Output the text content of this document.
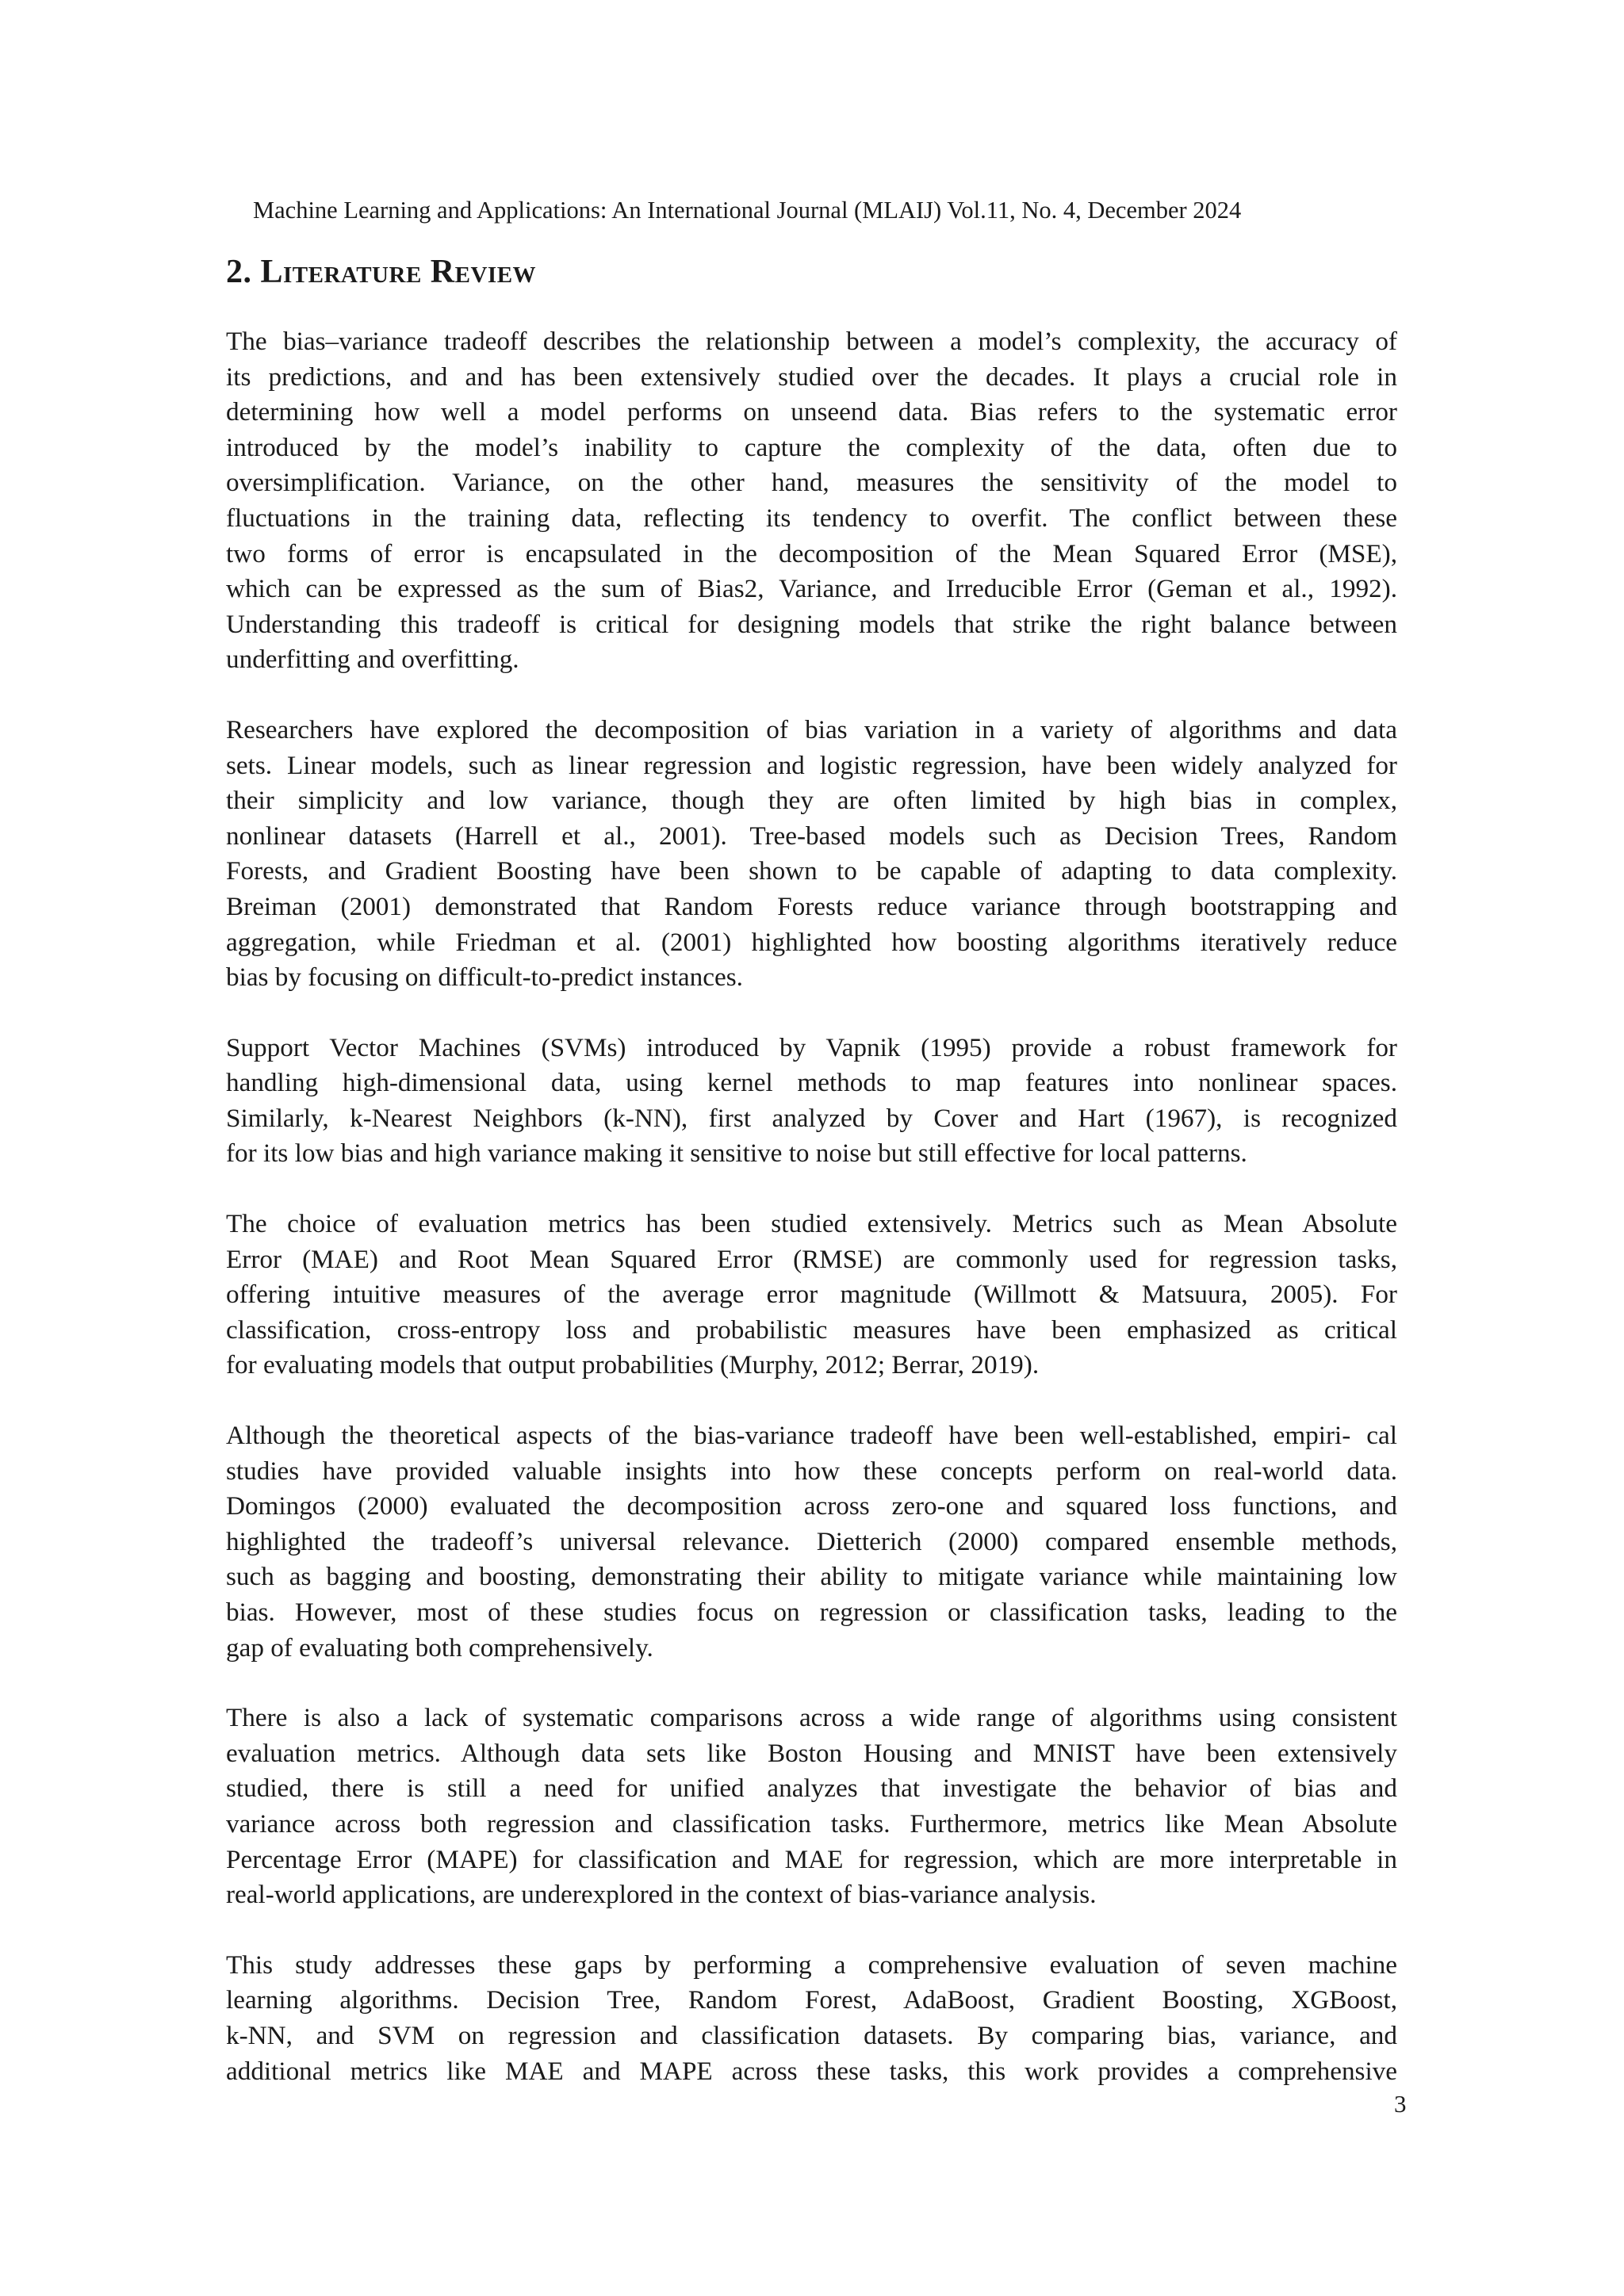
Machine Learning and Applications: An International Journal (MLAIJ) Vol.11, No. 4, December 2024
2. Literature Review
The bias–variance tradeoff describes the relationship between a model’s complexity, the accuracy of
its predictions, and and has been extensively studied over the decades. It plays a crucial role in
determining how well a model performs on unseend data. Bias refers to the systematic error
introduced by the model’s inability to capture the complexity of the data, often due to
oversimplification. Variance, on the other hand, measures the sensitivity of the model to
fluctuations in the training data, reflecting its tendency to overfit. The conflict between these
two forms of error is encapsulated in the decomposition of the Mean Squared Error (MSE),
which can be expressed as the sum of Bias2, Variance, and Irreducible Error (Geman et al., 1992).
Understanding this tradeoff is critical for designing models that strike the right balance between
underfitting and overfitting.
Researchers have explored the decomposition of bias variation in a variety of algorithms and data
sets. Linear models, such as linear regression and logistic regression, have been widely analyzed for
their simplicity and low variance, though they are often limited by high bias in complex,
nonlinear datasets (Harrell et al., 2001). Tree-based models such as Decision Trees, Random
Forests, and Gradient Boosting have been shown to be capable of adapting to data complexity.
Breiman (2001) demonstrated that Random Forests reduce variance through bootstrapping and
aggregation, while Friedman et al. (2001) highlighted how boosting algorithms iteratively reduce
bias by focusing on difficult-to-predict instances.
Support Vector Machines (SVMs) introduced by Vapnik (1995) provide a robust framework for
handling high-dimensional data, using kernel methods to map features into nonlinear spaces.
Similarly, k-Nearest Neighbors (k-NN), first analyzed by Cover and Hart (1967), is recognized
for its low bias and high variance making it sensitive to noise but still effective for local patterns.
The choice of evaluation metrics has been studied extensively. Metrics such as Mean Absolute
Error (MAE) and Root Mean Squared Error (RMSE) are commonly used for regression tasks,
offering intuitive measures of the average error magnitude (Willmott & Matsuura, 2005). For
classification, cross-entropy loss and probabilistic measures have been emphasized as critical
for evaluating models that output probabilities (Murphy, 2012; Berrar, 2019).
Although the theoretical aspects of the bias-variance tradeoff have been well-established, empiri- cal
studies have provided valuable insights into how these concepts perform on real-world data.
Domingos (2000) evaluated the decomposition across zero-one and squared loss functions, and
highlighted the tradeoff’s universal relevance. Dietterich (2000) compared ensemble methods,
such as bagging and boosting, demonstrating their ability to mitigate variance while maintaining low
bias. However, most of these studies focus on regression or classification tasks, leading to the
gap of evaluating both comprehensively.
There is also a lack of systematic comparisons across a wide range of algorithms using consistent
evaluation metrics. Although data sets like Boston Housing and MNIST have been extensively
studied, there is still a need for unified analyzes that investigate the behavior of bias and
variance across both regression and classification tasks. Furthermore, metrics like Mean Absolute
Percentage Error (MAPE) for classification and MAE for regression, which are more interpretable in
real-world applications, are underexplored in the context of bias-variance analysis.
This study addresses these gaps by performing a comprehensive evaluation of seven machine
learning algorithms. Decision Tree, Random Forest, AdaBoost, Gradient Boosting, XGBoost,
k-NN, and SVM on regression and classification datasets. By comparing bias, variance, and
additional metrics like MAE and MAPE across these tasks, this work provides a comprehensive
3
